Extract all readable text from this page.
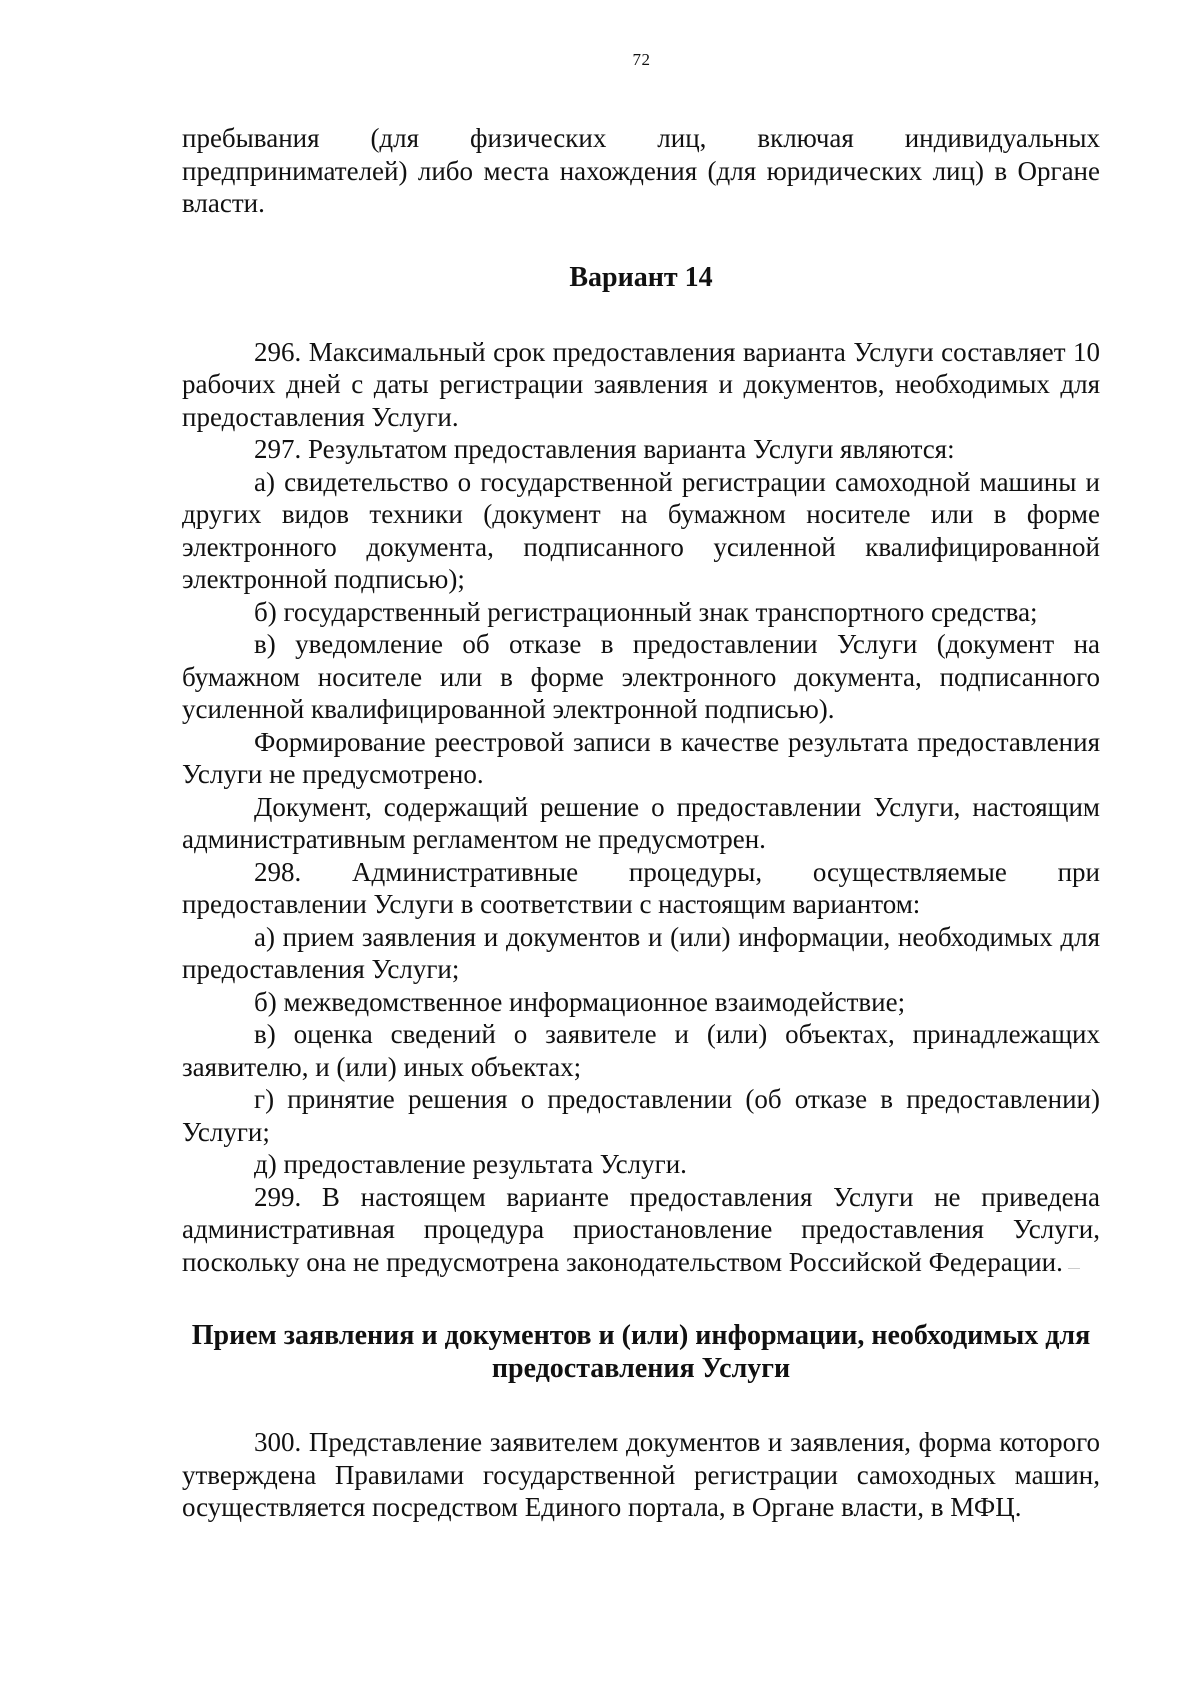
72

пребывания (для физических лиц, включая индивидуальных предпринимателей) либо места нахождения (для юридических лиц) в Органе власти.

Вариант 14

296. Максимальный срок предоставления варианта Услуги составляет 10 рабочих дней с даты регистрации заявления и документов, необходимых для предоставления Услуги.

297. Результатом предоставления варианта Услуги являются:

а) свидетельство о государственной регистрации самоходной машины и других видов техники (документ на бумажном носителе или в форме электронного документа, подписанного усиленной квалифицированной электронной подписью);

б) государственный регистрационный знак транспортного средства;

в) уведомление об отказе в предоставлении Услуги (документ на бумажном носителе или в форме электронного документа, подписанного усиленной квалифицированной электронной подписью).

Формирование реестровой записи в качестве результата предоставления Услуги не предусмотрено.

Документ, содержащий решение о предоставлении Услуги, настоящим административным регламентом не предусмотрен.

298. Административные процедуры, осуществляемые при предоставлении Услуги в соответствии с настоящим вариантом:

а) прием заявления и документов и (или) информации, необходимых для предоставления Услуги;

б) межведомственное информационное взаимодействие;

в) оценка сведений о заявителе и (или) объектах, принадлежащих заявителю, и (или) иных объектах;

г) принятие решения о предоставлении (об отказе в предоставлении) Услуги;

д) предоставление результата Услуги.

299. В настоящем варианте предоставления Услуги не приведена административная процедура приостановление предоставления Услуги, поскольку она не предусмотрена законодательством Российской Федерации.

Прием заявления и документов и (или) информации, необходимых для предоставления Услуги

300. Представление заявителем документов и заявления, форма которого утверждена Правилами государственной регистрации самоходных машин, осуществляется посредством Единого портала, в Органе власти, в МФЦ.
